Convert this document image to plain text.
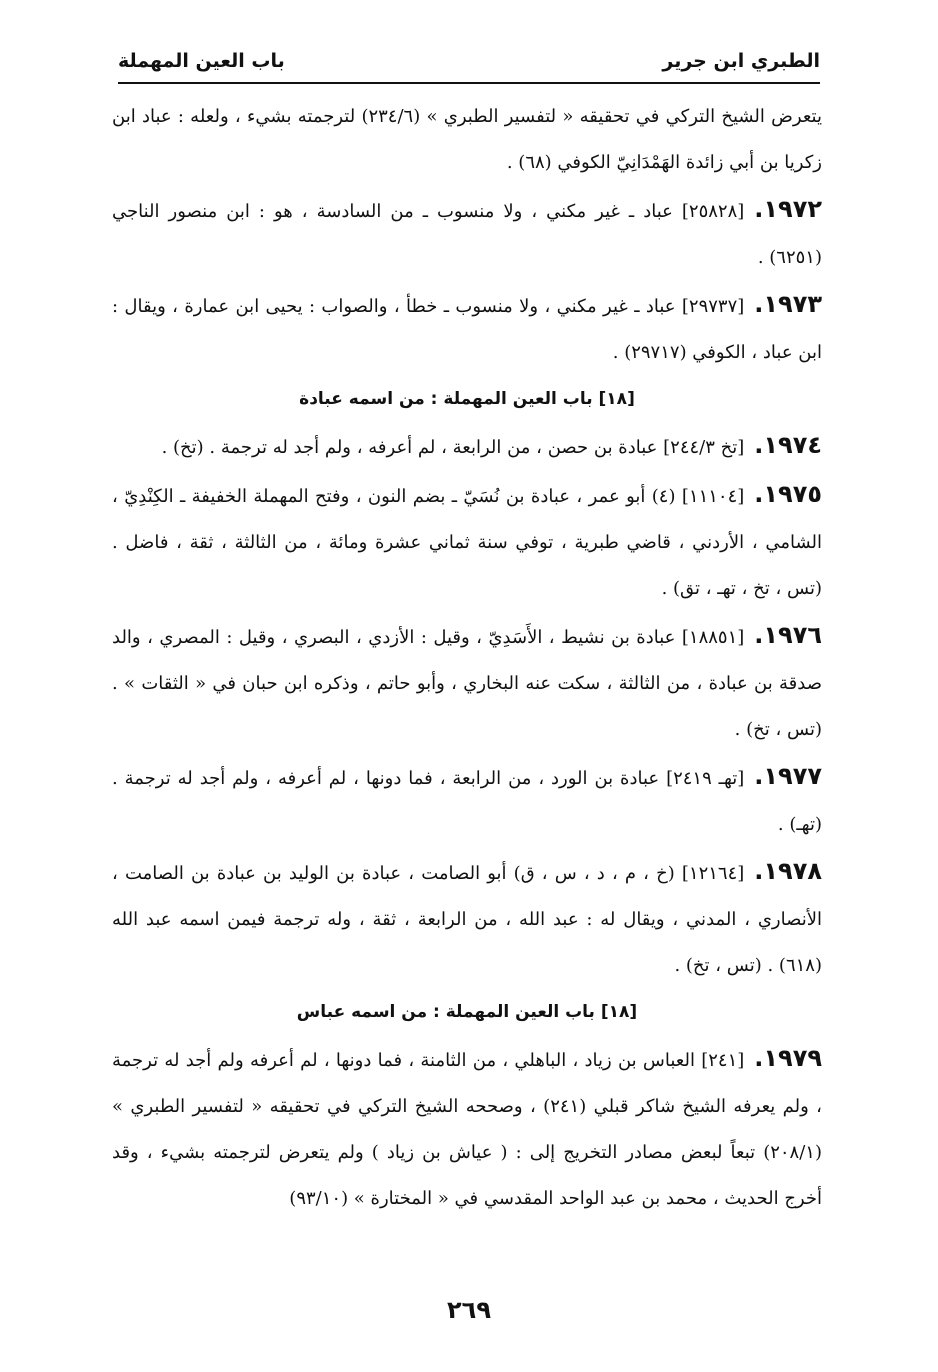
الطبري ابن جرير
باب العين المهملة

يتعرض الشيخ التركي في تحقيقه « لتفسير الطبري » (٢٣٤/٦) لترجمته بشيء ، ولعله : عباد ابن زكريا بن أبي زائدة الهَمْدَانِيّ الكوفي (٦٨) .

١٩٧٢.[٢٥٨٢٨] عباد ـ غير مكني ، ولا منسوب ـ من السادسة ، هو : ابن منصور الناجي (٦٢٥١) .

١٩٧٣.[٢٩٧٣٧] عباد ـ غير مكني ، ولا منسوب ـ خطأ ، والصواب : يحيى ابن عمارة ، ويقال : ابن عباد ، الكوفي (٢٩٧١٧) .

[١٨] باب العين المهملة : من اسمه عبادة

١٩٧٤.[تخ ٢٤٤/٣] عبادة بن حصن ، من الرابعة ، لم أعرفه ، ولم أجد له ترجمة . (تخ) .

١٩٧٥.[١١١٠٤] (٤) أبو عمر ، عبادة بن نُسَيّ ـ بضم النون ، وفتح المهملة الخفيفة ـ الكِنْدِيّ ، الشامي ، الأردني ، قاضي طبرية ، توفي سنة ثماني عشرة ومائة ، من الثالثة ، ثقة ، فاضل . (تس ، تخ ، تهـ ، تق) .

١٩٧٦.[١٨٨٥١] عبادة بن نشيط ، الأَسَدِيّ ، وقيل : الأزدي ، البصري ، وقيل : المصري ، والد صدقة بن عبادة ، من الثالثة ، سكت عنه البخاري ، وأبو حاتم ، وذكره ابن حبان في « الثقات » . (تس ، تخ) .

١٩٧٧.[تهـ ٢٤١٩] عبادة بن الورد ، من الرابعة ، فما دونها ، لم أعرفه ، ولم أجد له ترجمة . (تهـ) .

١٩٧٨.[١٢١٦٤] (خ ، م ، د ، س ، ق) أبو الصامت ، عبادة بن الوليد بن عبادة بن الصامت ، الأنصاري ، المدني ، ويقال له : عبد الله ، من الرابعة ، ثقة ، وله ترجمة فيمن اسمه عبد الله (٦١٨) . (تس ، تخ) .

[١٨] باب العين المهملة : من اسمه عباس

١٩٧٩.[٢٤١] العباس بن زياد ، الباهلي ، من الثامنة ، فما دونها ، لم أعرفه ولم أجد له ترجمة ، ولم يعرفه الشيخ شاكر قبلي (٢٤١) ، وصححه الشيخ التركي في تحقيقه « لتفسير الطبري » (٢٠٨/١) تبعاً لبعض مصادر التخريج إلى : ( عياش بن زياد ) ولم يتعرض لترجمته بشيء ، وقد أخرج الحديث ، محمد بن عبد الواحد المقدسي في « المختارة » (٩٣/١٠)

٢٦٩
